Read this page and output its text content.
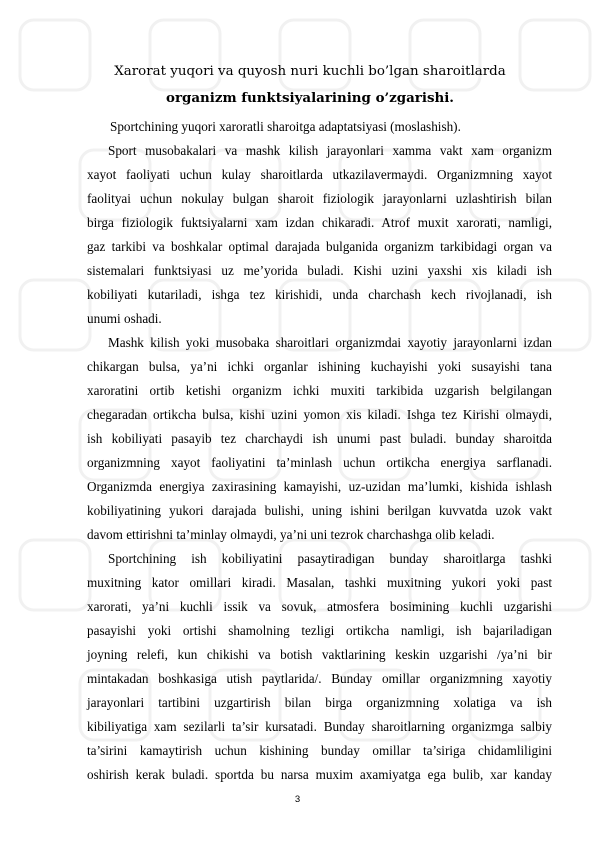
Xarorat yuqori va quyosh nuri kuchli bo’lgan sharoitlarda
organizm funktsiyalarining o’zgarishi.
Sportchining yuqori xaroratli sharoitga adaptatsiyasi (moslashish).
Sport musobakalari va mashk kilish jarayonlari xamma vakt xam organizm
xayot faoliyati uchun kulay sharoitlarda utkazilavermaydi. Organizmning xayot
faolityai uchun nokulay bulgan sharoit fiziologik jarayonlarni uzlashtirish bilan
birga fiziologik fuktsiyalarni xam izdan chikaradi. Atrof muxit xarorati, namligi,
gaz tarkibi va boshkalar optimal darajada bulganida organizm tarkibidagi organ va
sistemalari funktsiyasi uz me’yorida buladi. Kishi uzini yaxshi xis kiladi ish
kobiliyati kutariladi, ishga tez kirishidi, unda charchash kech rivojlanadi, ish
unumi oshadi.
Mashk kilish yoki musobaka sharoitlari organizmdai xayotiy jarayonlarni izdan
chikargan bulsa, ya’ni ichki organlar ishining kuchayishi yoki susayishi tana
xaroratini ortib ketishi organizm ichki muxiti tarkibida uzgarish belgilangan
chegaradan ortikcha bulsa, kishi uzini yomon xis kiladi. Ishga tez Kirishi olmaydi,
ish kobiliyati pasayib tez charchaydi ish unumi past buladi. bunday sharoitda
organizmning xayot faoliyatini ta’minlash uchun ortikcha energiya sarflanadi.
Organizmda energiya zaxirasining kamayishi, uz-uzidan ma’lumki, kishida ishlash
kobiliyatining yukori darajada bulishi, uning ishini berilgan kuvvatda uzok vakt
davom ettirishni ta’minlay olmaydi, ya’ni uni tezrok charchashga olib keladi.
Sportchining ish kobiliyatini pasaytiradigan bunday sharoitlarga tashki
muxitning kator omillari kiradi. Masalan, tashki muxitning yukori yoki past
xarorati, ya’ni kuchli issik va sovuk, atmosfera bosimining kuchli uzgarishi
pasayishi yoki ortishi shamolning tezligi ortikcha namligi, ish bajariladigan
joyning relefi, kun chikishi va botish vaktlarining keskin uzgarishi /ya’ni bir
mintakadan boshkasiga utish paytlarida/. Bunday omillar organizmning xayotiy
jarayonlari tartibini uzgartirish bilan birga organizmning xolatiga va ish
kibiliyatiga xam sezilarli ta’sir kursatadi. Bunday sharoitlarning organizmga salbiy
ta’sirini kamaytirish uchun kishining bunday omillar ta’siriga chidamliligini
oshirish kerak buladi. sportda bu narsa muxim axamiyatga ega bulib, xar kanday
3
